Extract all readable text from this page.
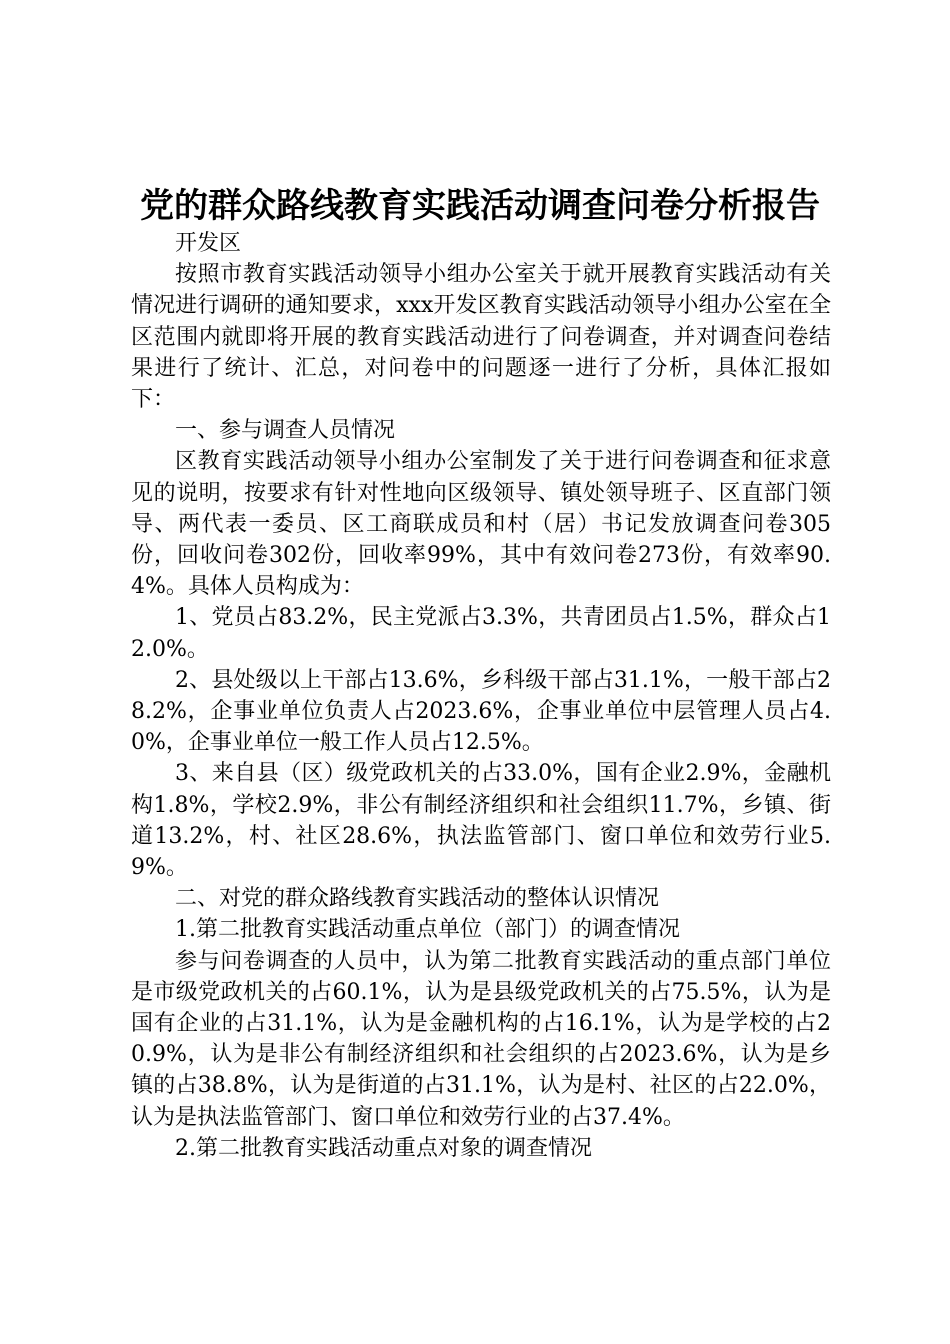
党的群众路线教育实践活动调查问卷分析报告

开发区

按照市教育实践活动领导小组办公室关于就开展教育实践活动有关情况进行调研的通知要求，xxx开发区教育实践活动领导小组办公室在全区范围内就即将开展的教育实践活动进行了问卷调查，并对调查问卷结果进行了统计、汇总，对问卷中的问题逐一进行了分析，具体汇报如下：

一、参与调查人员情况

区教育实践活动领导小组办公室制发了关于进行问卷调查和征求意见的说明，按要求有针对性地向区级领导、镇处领导班子、区直部门领导、两代表一委员、区工商联成员和村（居）书记发放调查问卷305份，回收问卷302份，回收率99%，其中有效问卷273份，有效率90.4%。具体人员构成为：

1、党员占83.2%，民主党派占3.3%，共青团员占1.5%，群众占12.0%。

2、县处级以上干部占13.6%，乡科级干部占31.1%，一般干部占28.2%，企事业单位负责人占2023.6%，企事业单位中层管理人员占4.0%，企事业单位一般工作人员占12.5%。

3、来自县（区）级党政机关的占33.0%，国有企业2.9%，金融机构1.8%，学校2.9%，非公有制经济组织和社会组织11.7%，乡镇、街道13.2%，村、社区28.6%，执法监管部门、窗口单位和效劳行业5.9%。

二、对党的群众路线教育实践活动的整体认识情况

1.第二批教育实践活动重点单位（部门）的调查情况

参与问卷调查的人员中，认为第二批教育实践活动的重点部门单位是市级党政机关的占60.1%，认为是县级党政机关的占75.5%，认为是国有企业的占31.1%，认为是金融机构的占16.1%，认为是学校的占20.9%，认为是非公有制经济组织和社会组织的占2023.6%，认为是乡镇的占38.8%，认为是街道的占31.1%，认为是村、社区的占22.0%，认为是执法监管部门、窗口单位和效劳行业的占37.4%。

2.第二批教育实践活动重点对象的调查情况
